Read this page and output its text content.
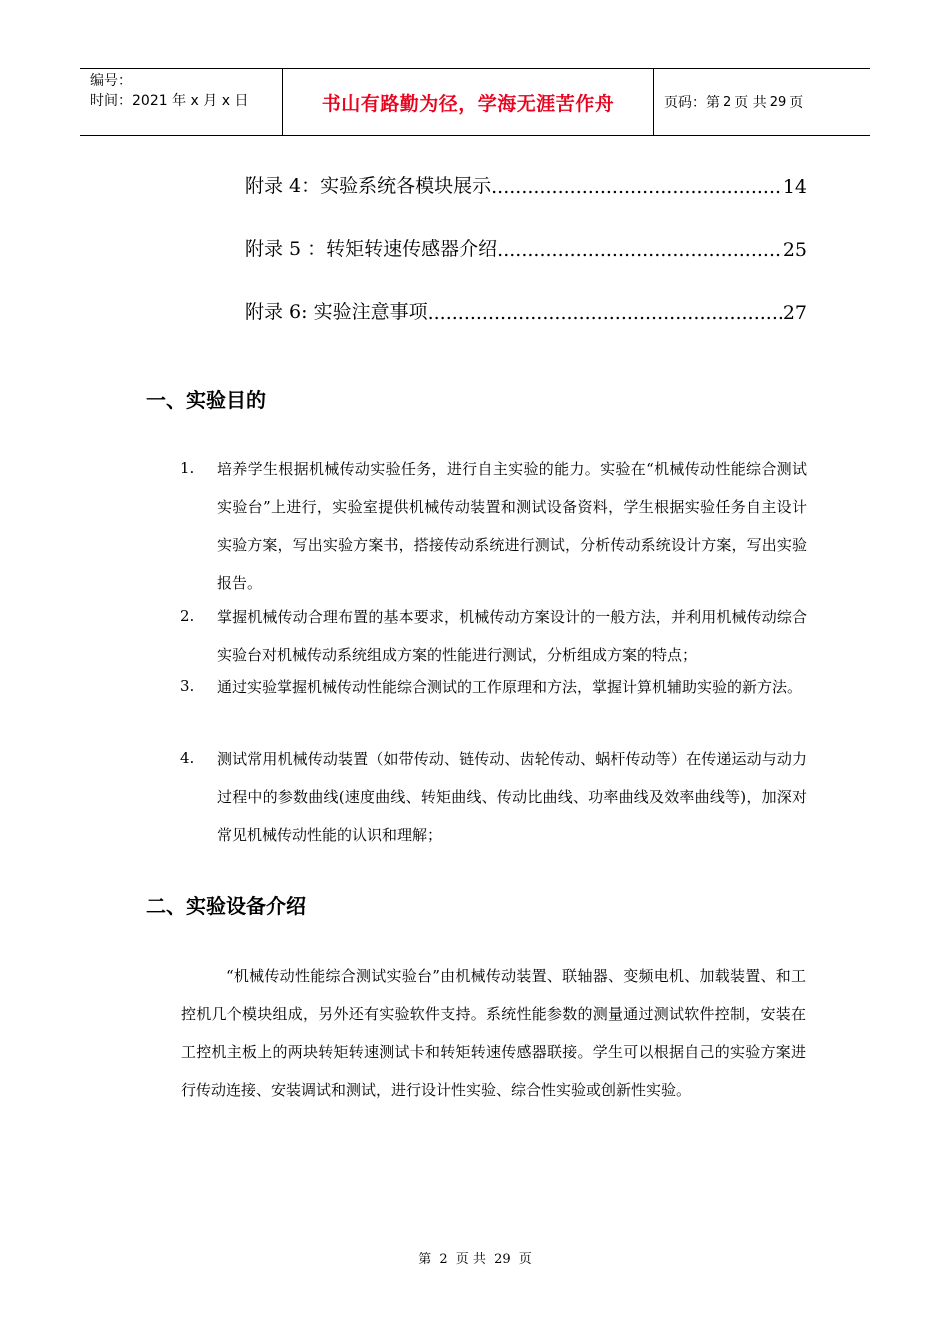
编号：
时间：2021 年 x 月 x 日	书山有路勤为径，学海无涯苦作舟	页码：第 2 页 共 29 页
附录 4：实验系统各模块展示 .....	14
附录 5 ：转矩转速传感器介绍 .....	25
附录 6: 实验注意事项 .....	27
一、实验目的
1.	培养学生根据机械传动实验任务，进行自主实验的能力。实验在“机械传动性能综合测试实验台”上进行，实验室提供机械传动装置和测试设备资料，学生根据实验任务自主设计实验方案，写出实验方案书，搭接传动系统进行测试，分析传动系统设计方案，写出实验报告。
2.	掌握机械传动合理布置的基本要求，机械传动方案设计的一般方法，并利用机械传动综合实验台对机械传动系统组成方案的性能进行测试，分析组成方案的特点；
3.	通过实验掌握机械传动性能综合测试的工作原理和方法，掌握计算机辅助实验的新方法。
4.	测试常用机械传动装置（如带传动、链传动、齿轮传动、蜗杆传动等）在传递运动与动力过程中的参数曲线(速度曲线、转矩曲线、传动比曲线、功率曲线及效率曲线等)，加深对常见机械传动性能的认识和理解；
二、实验设备介绍
“机械传动性能综合测试实验台”由机械传动装置、联轴器、变频电机、加载装置、和工控机几个模块组成，另外还有实验软件支持。系统性能参数的测量通过测试软件控制，安装在工控机主板上的两块转矩转速测试卡和转矩转速传感器联接。学生可以根据自己的实验方案进行传动连接、安装调试和测试，进行设计性实验、综合性实验或创新性实验。
第 2 页 共 29 页
